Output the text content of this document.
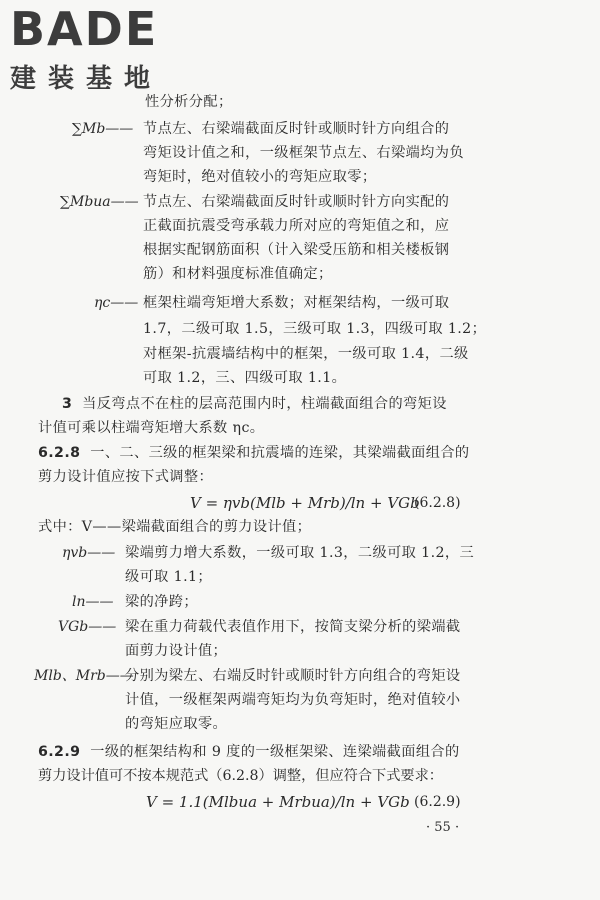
BADE
建装基地
性分析分配；
∑Mb—— 节点左、右梁端截面反时针或顺时针方向组合的
弯矩设计值之和，一级框架节点左、右梁端均为负
弯矩时，绝对值较小的弯矩应取零；
∑Mbua—— 节点左、右梁端截面反时针或顺时针方向实配的
正截面抗震受弯承载力所对应的弯矩值之和，应
根据实配钢筋面积（计入梁受压筋和相关楼板钢
筋）和材料强度标准值确定；
ηc—— 框架柱端弯矩增大系数；对框架结构，一级可取
1.7，二级可取 1.5，三级可取 1.3，四级可取 1.2；
对框架-抗震墙结构中的框架，一级可取 1.4，二级
可取 1.2，三、四级可取 1.1。
3 当反弯点不在柱的层高范围内时，柱端截面组合的弯矩设
计值可乘以柱端弯矩增大系数 ηc。
6.2.8 一、二、三级的框架梁和抗震墙的连梁，其梁端截面组合的
剪力设计值应按下式调整：
V = ηvb(Mlb + Mrb)/ln + VGb
(6.2.8)
式中：V——梁端截面组合的剪力设计值；
ηvb—— 梁端剪力增大系数，一级可取 1.3，二级可取 1.2，三
级可取 1.1；
ln—— 梁的净跨；
VGb—— 梁在重力荷载代表值作用下，按简支梁分析的梁端截
面剪力设计值；
Mlb、Mrb——
分别为梁左、右端反时针或顺时针方向组合的弯矩设
计值，一级框架两端弯矩均为负弯矩时，绝对值较小
的弯矩应取零。
6.2.9 一级的框架结构和 9 度的一级框架梁、连梁端截面组合的
剪力设计值可不按本规范式（6.2.8）调整，但应符合下式要求：
V = 1.1(Mlbua + Mrbua)/ln + VGb (6.2.9)
· 55 ·
